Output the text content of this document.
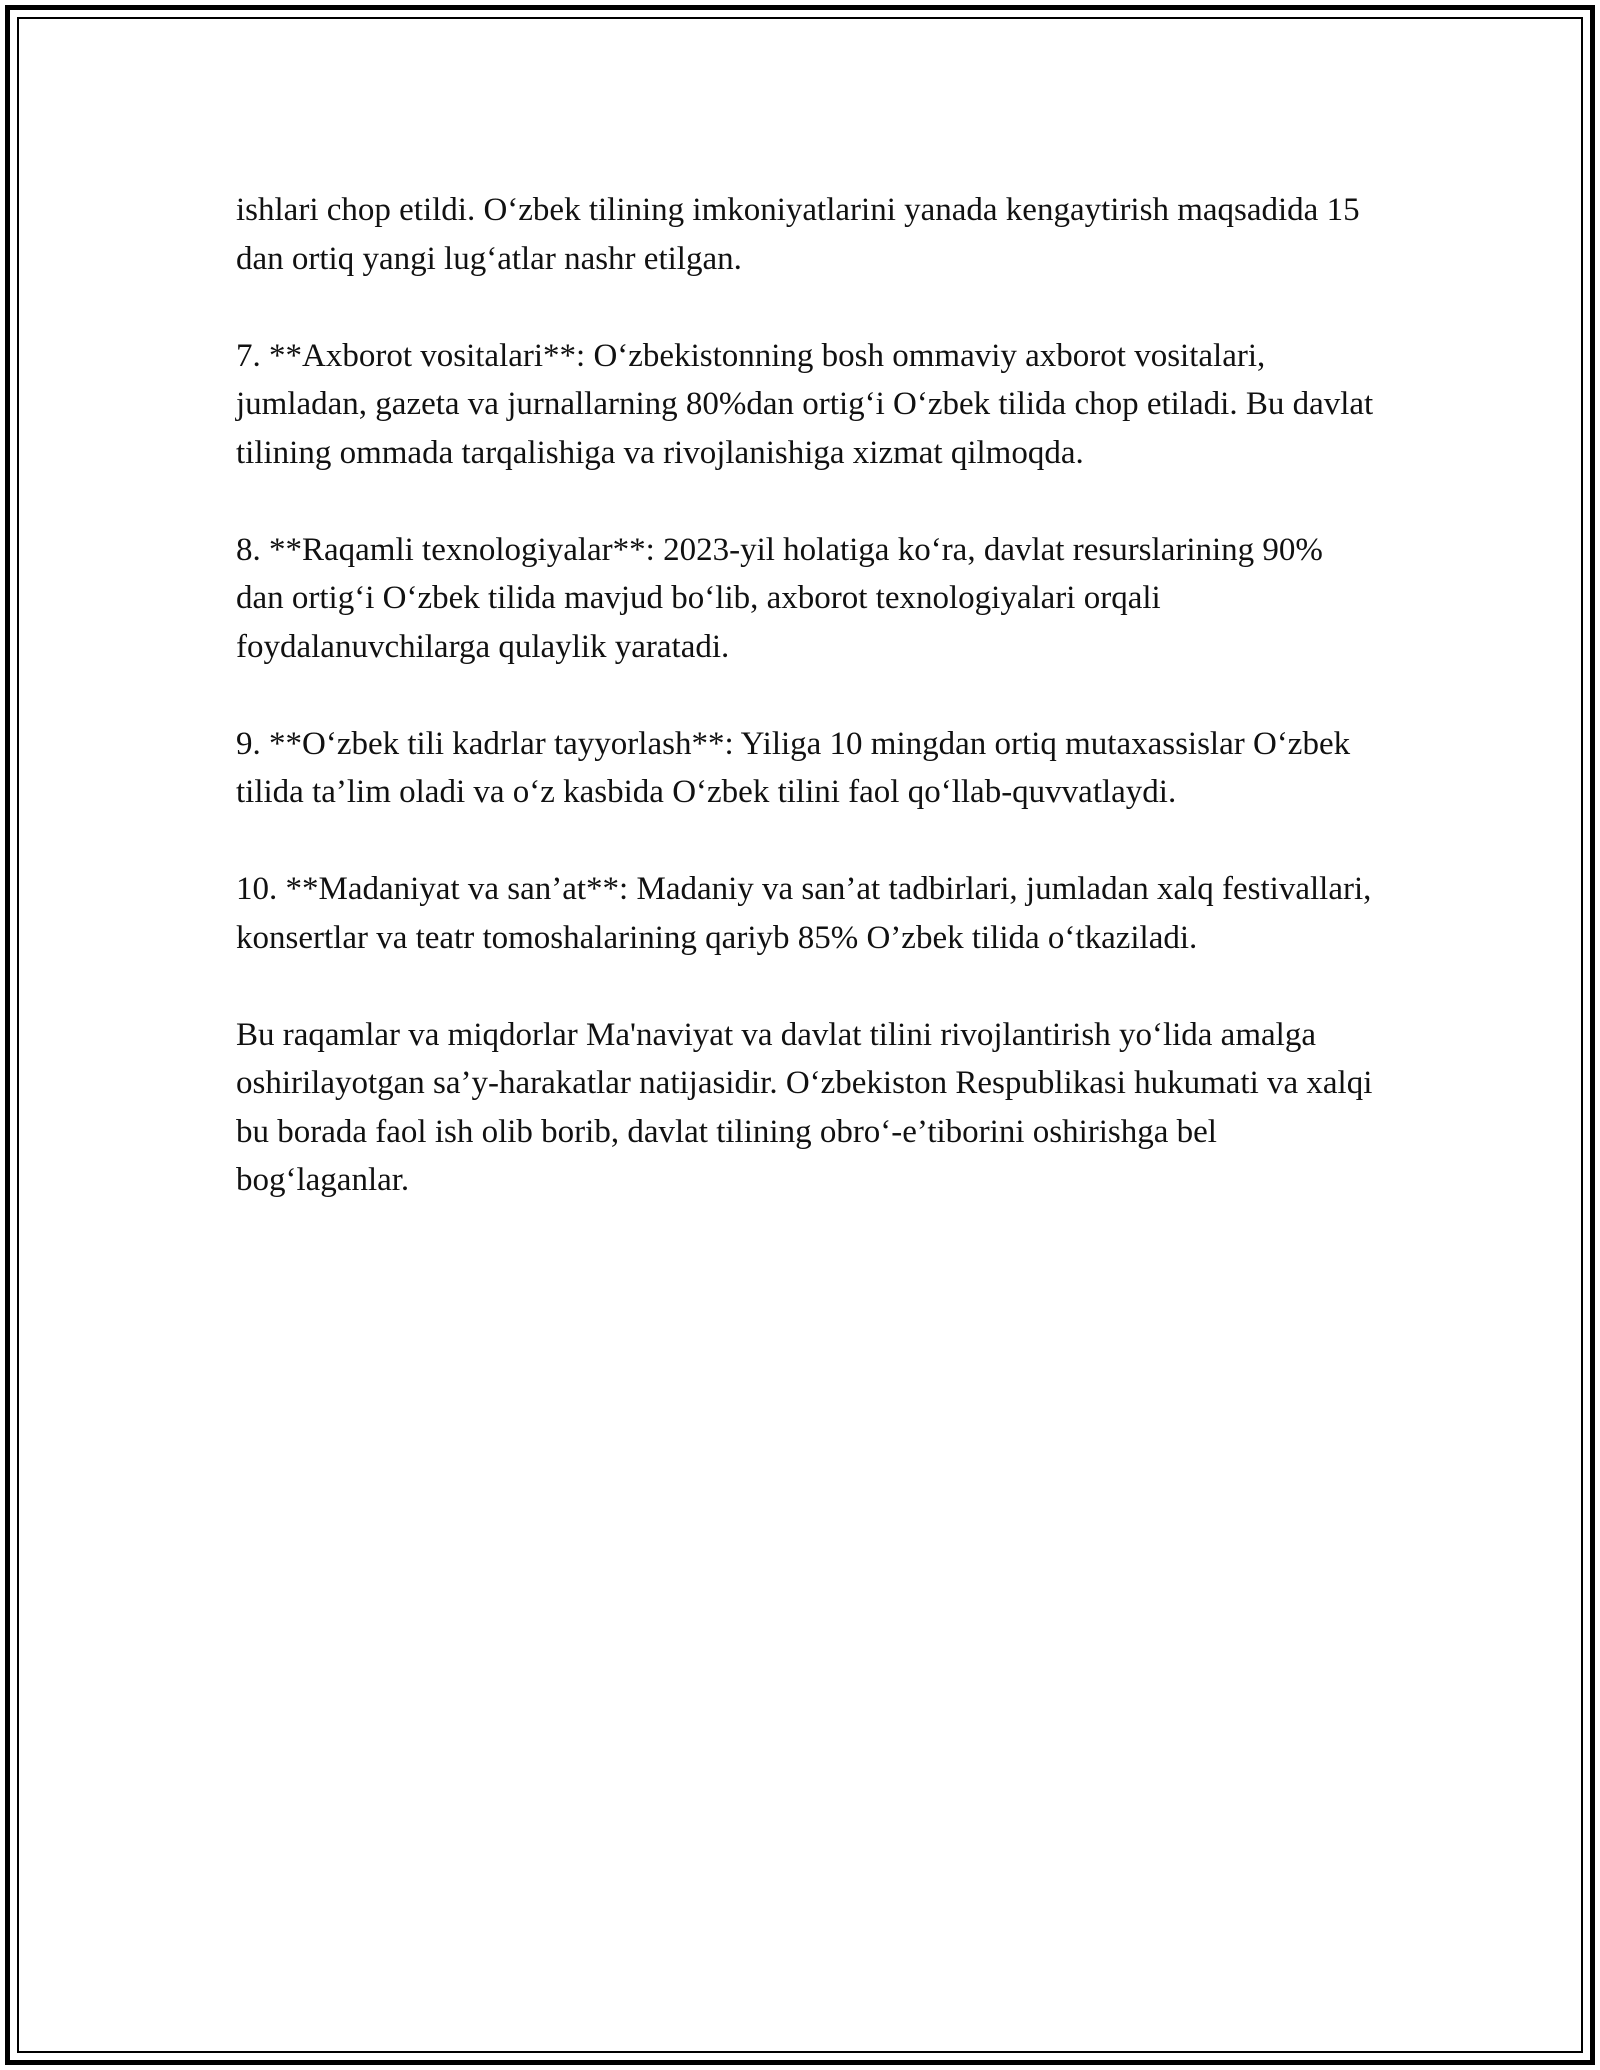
ishlari chop etildi. O‘zbek tilining imkoniyatlarini yanada kengaytirish maqsadida 15 dan ortiq yangi lug‘atlar nashr etilgan.

7. **Axborot vositalari**: O‘zbekistonning bosh ommaviy axborot vositalari, jumladan, gazeta va jurnallarning 80%dan ortig‘i O‘zbek tilida chop etiladi. Bu davlat tilining ommada tarqalishiga va rivojlanishiga xizmat qilmoqda.

8. **Raqamli texnologiyalar**: 2023-yil holatiga ko‘ra, davlat resurslarining 90% dan ortig‘i O‘zbek tilida mavjud bo‘lib, axborot texnologiyalari orqali foydalanuvchilarga qulaylik yaratadi.

9. **O‘zbek tili kadrlar tayyorlash**: Yiliga 10 mingdan ortiq mutaxassislar O‘zbek tilida ta’lim oladi va o‘z kasbida O‘zbek tilini faol qo‘llab-quvvatlaydi.

10. **Madaniyat va san’at**: Madaniy va san’at tadbirlari, jumladan xalq festivallari, konsertlar va teatr tomoshalarining qariyb 85% O’zbek tilida o‘tkaziladi.

Bu raqamlar va miqdorlar Ma'naviyat va davlat tilini rivojlantirish yo‘lida amalga oshirilayotgan sa’y-harakatlar natijasidir. O‘zbekiston Respublikasi hukumati va xalqi bu borada faol ish olib borib, davlat tilining obro‘-e’tiborini oshirishga bel bog‘laganlar.
